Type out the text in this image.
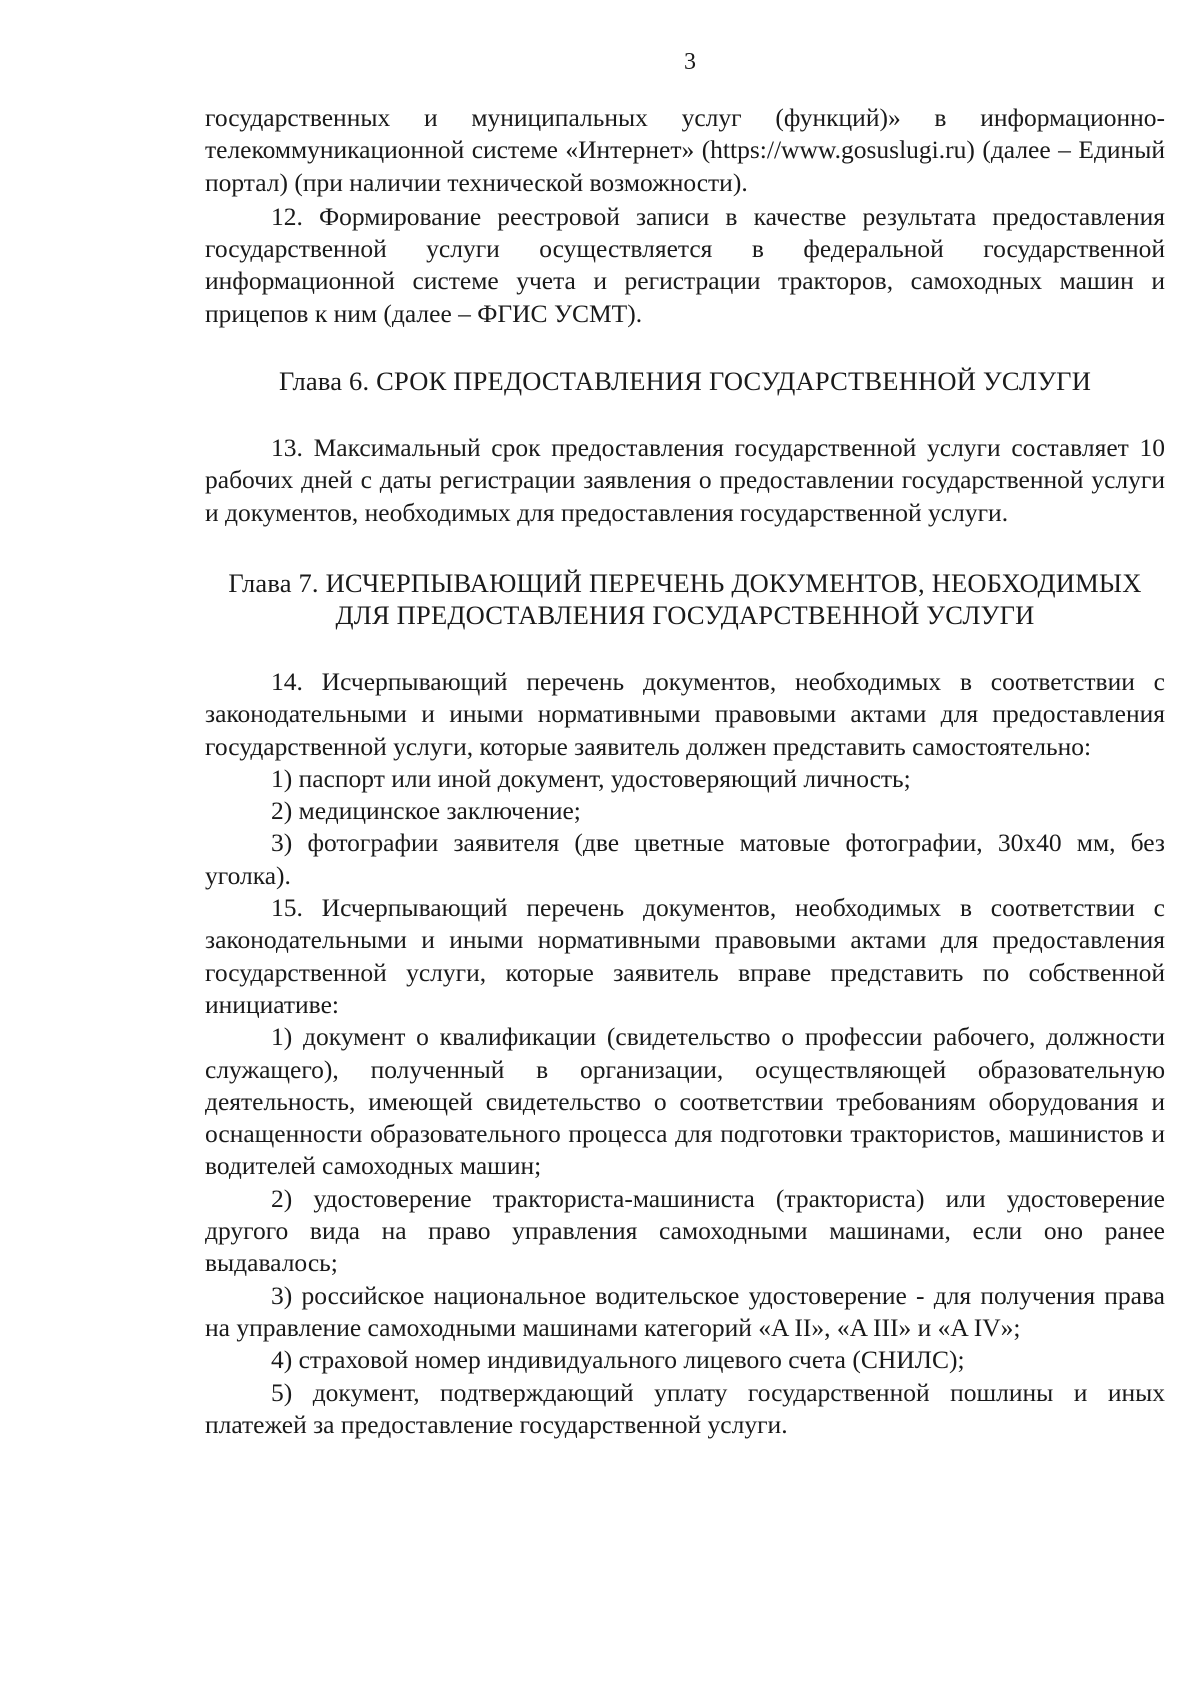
3

государственных и муниципальных услуг (функций)» в информационно-телекоммуникационной системе «Интернет» (https://www.gosuslugi.ru) (далее – Единый портал) (при наличии технической возможности).

12. Формирование реестровой записи в качестве результата предоставления государственной услуги осуществляется в федеральной государственной информационной системе учета и регистрации тракторов, самоходных машин и прицепов к ним (далее – ФГИС УСМТ).

Глава 6. СРОК ПРЕДОСТАВЛЕНИЯ ГОСУДАРСТВЕННОЙ УСЛУГИ

13. Максимальный срок предоставления государственной услуги составляет 10 рабочих дней с даты регистрации заявления о предоставлении государственной услуги и документов, необходимых для предоставления государственной услуги.

Глава 7. ИСЧЕРПЫВАЮЩИЙ ПЕРЕЧЕНЬ ДОКУМЕНТОВ, НЕОБХОДИМЫХ ДЛЯ ПРЕДОСТАВЛЕНИЯ ГОСУДАРСТВЕННОЙ УСЛУГИ

14. Исчерпывающий перечень документов, необходимых в соответствии с законодательными и иными нормативными правовыми актами для предоставления государственной услуги, которые заявитель должен представить самостоятельно:

1) паспорт или иной документ, удостоверяющий личность;

2) медицинское заключение;

3) фотографии заявителя (две цветные матовые фотографии, 30x40 мм, без уголка).

15. Исчерпывающий перечень документов, необходимых в соответствии с законодательными и иными нормативными правовыми актами для предоставления государственной услуги, которые заявитель вправе представить по собственной инициативе:

1) документ о квалификации (свидетельство о профессии рабочего, должности служащего), полученный в организации, осуществляющей образовательную деятельность, имеющей свидетельство о соответствии требованиям оборудования и оснащенности образовательного процесса для подготовки трактористов, машинистов и водителей самоходных машин;

2) удостоверение тракториста-машиниста (тракториста) или удостоверение другого вида на право управления самоходными машинами, если оно ранее выдавалось;

3) российское национальное водительское удостоверение - для получения права на управление самоходными машинами категорий «A II», «A III» и «A IV»;

4) страховой номер индивидуального лицевого счета (СНИЛС);

5) документ, подтверждающий уплату государственной пошлины и иных платежей за предоставление государственной услуги.
